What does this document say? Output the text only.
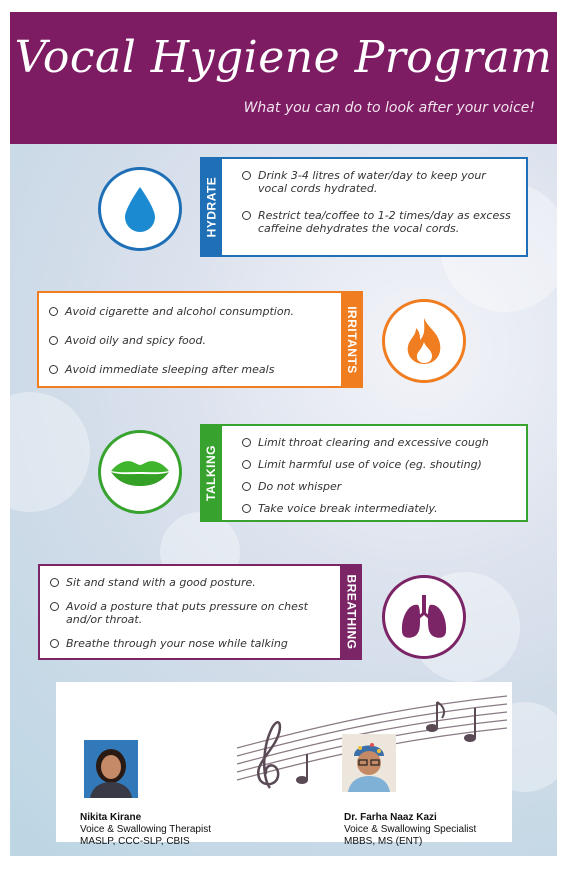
Vocal Hygiene Program
What you can do to look after your voice!
HYDRATE
Drink 3-4 litres of water/day to keep your vocal cords hydrated.
Restrict tea/coffee to 1-2 times/day as excess caffeine dehydrates the vocal cords.
IRRITANTS
Avoid cigarette and alcohol consumption.
Avoid oily and spicy food.
Avoid immediate sleeping after meals
TALKING
Limit throat clearing and excessive cough
Limit harmful use of voice (eg. shouting)
Do not whisper
Take voice break intermediately.
BREATHING
Sit and stand with a good posture.
Avoid a posture that puts pressure on chest and/or throat.
Breathe through your nose while talking
Nikita Kirane
Voice & Swallowing Therapist
MASLP, CCC-SLP, CBIS
Dr. Farha Naaz Kazi
Voice & Swallowing Specialist
MBBS, MS (ENT)
